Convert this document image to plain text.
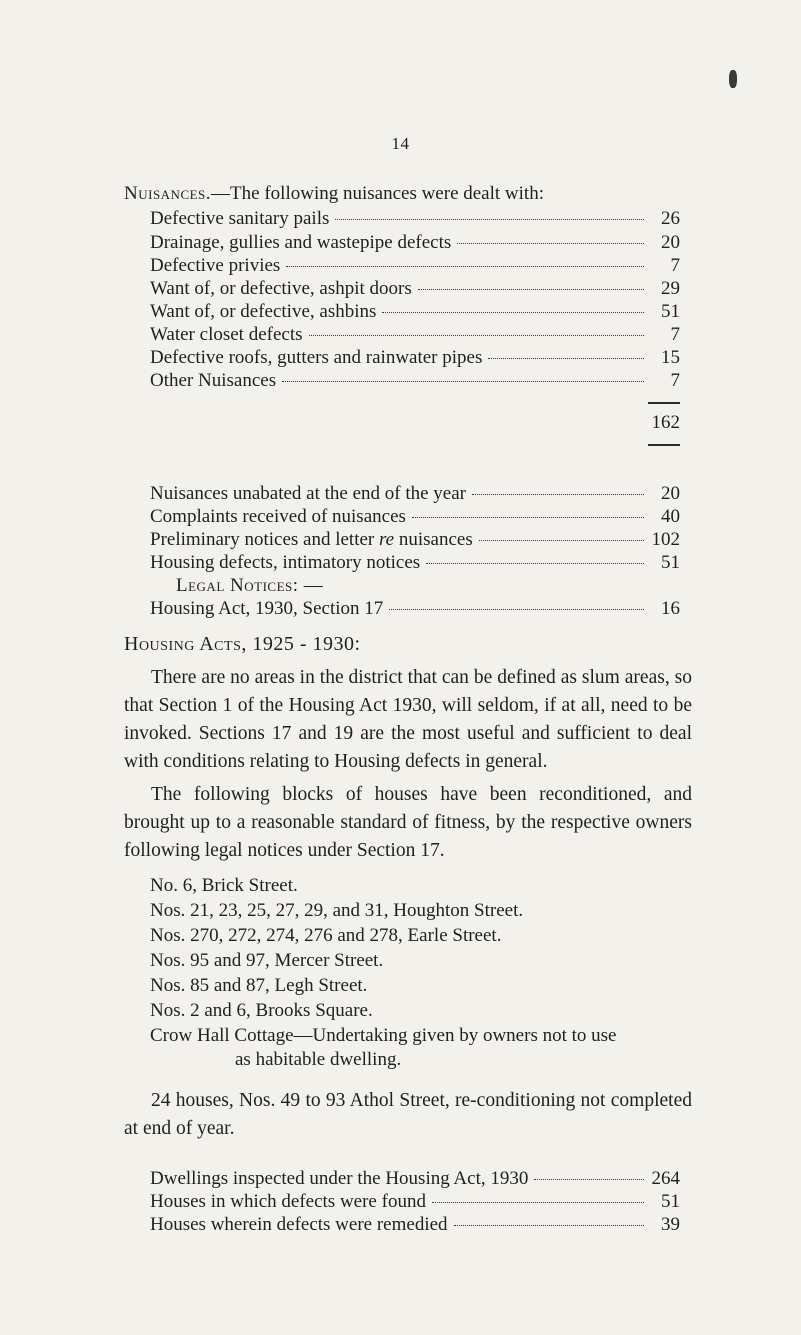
14
Nuisances.—The following nuisances were dealt with:
Defective sanitary pails	26
Drainage, gullies and wastepipe defects	20
Defective privies	7
Want of, or defective, ashpit doors	29
Want of, or defective, ashbins	51
Water closet defects	7
Defective roofs, gutters and rainwater pipes	15
Other Nuisances	7
162
Nuisances unabated at the end of the year	20
Complaints received of nuisances	40
Preliminary notices and letter re nuisances	102
Housing defects, intimatory notices	51
Legal Notices: —
Housing Act, 1930, Section 17	16
Housing Acts, 1925 - 1930:
There are no areas in the district that can be defined as slum areas, so that Section 1 of the Housing Act 1930, will seldom, if at all, need to be invoked. Sections 17 and 19 are the most useful and sufficient to deal with conditions relating to Housing defects in general.
The following blocks of houses have been reconditioned, and brought up to a reasonable standard of fitness, by the respective owners following legal notices under Section 17.
No. 6, Brick Street.
Nos. 21, 23, 25, 27, 29, and 31, Houghton Street.
Nos. 270, 272, 274, 276 and 278, Earle Street.
Nos. 95 and 97, Mercer Street.
Nos. 85 and 87, Legh Street.
Nos. 2 and 6, Brooks Square.
Crow Hall Cottage—Undertaking given by owners not to use
as habitable dwelling.
24 houses, Nos. 49 to 93 Athol Street, re-conditioning not completed at end of year.
Dwellings inspected under the Housing Act, 1930	264
Houses in which defects were found	51
Houses wherein defects were remedied	39
